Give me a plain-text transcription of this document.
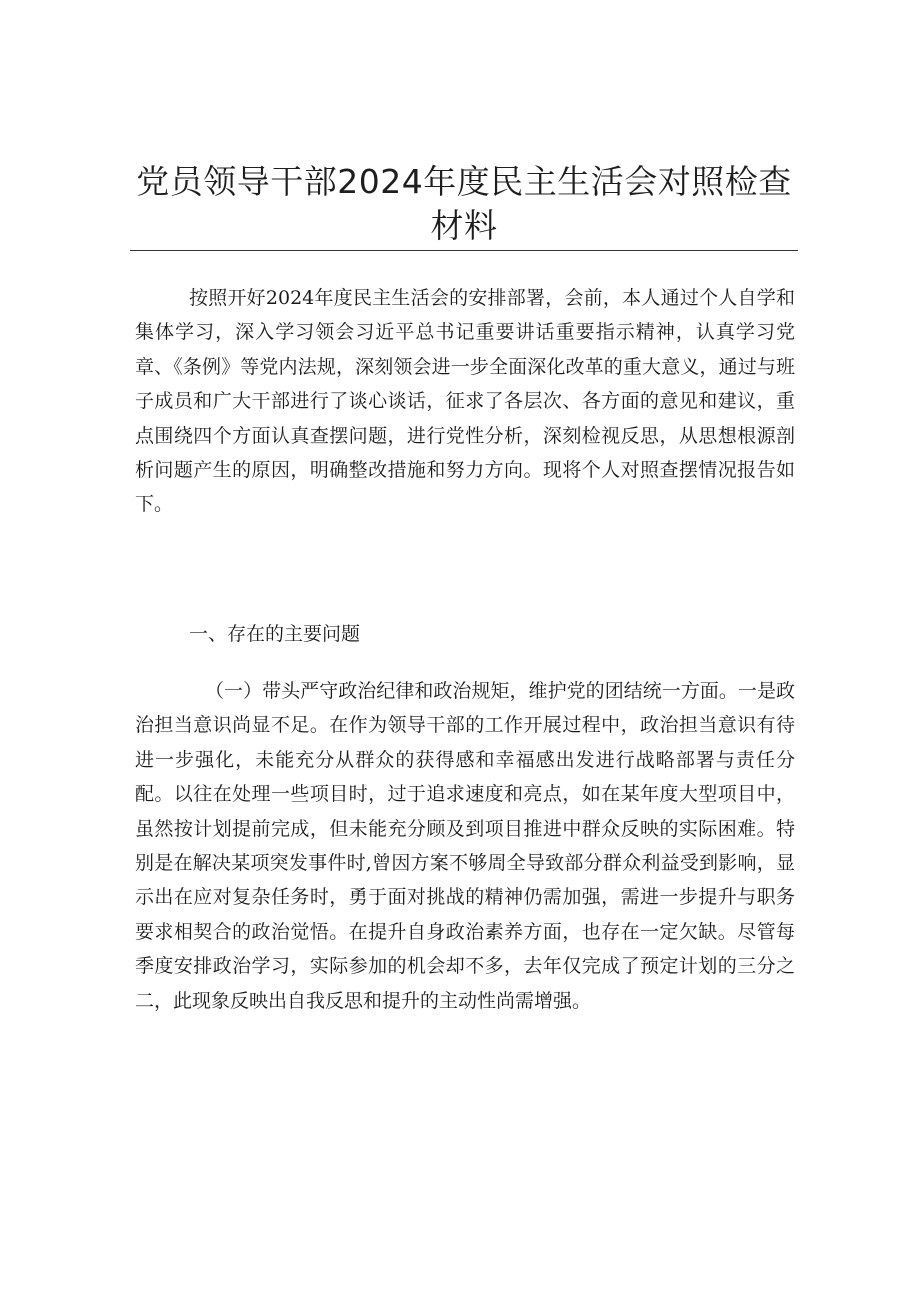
党员领导干部2024年度民主生活会对照检查
材料

按照开好2024年度民主生活会的安排部署，会前，本人通过个人自学和集体学习，深入学习领会习近平总书记重要讲话重要指示精神，认真学习党章、《条例》等党内法规，深刻领会进一步全面深化改革的重大意义，通过与班子成员和广大干部进行了谈心谈话，征求了各层次、各方面的意见和建议，重点围绕四个方面认真查摆问题，进行党性分析，深刻检视反思，从思想根源剖析问题产生的原因，明确整改措施和努力方向。现将个人对照查摆情况报告如下。

一、存在的主要问题

（一）带头严守政治纪律和政治规矩，维护党的团结统一方面。一是政治担当意识尚显不足。在作为领导干部的工作开展过程中，政治担当意识有待进一步强化，未能充分从群众的获得感和幸福感出发进行战略部署与责任分配。以往在处理一些项目时，过于追求速度和亮点，如在某年度大型项目中，虽然按计划提前完成，但未能充分顾及到项目推进中群众反映的实际困难。特别是在解决某项突发事件时,曾因方案不够周全导致部分群众利益受到影响，显示出在应对复杂任务时，勇于面对挑战的精神仍需加强，需进一步提升与职务要求相契合的政治觉悟。在提升自身政治素养方面，也存在一定欠缺。尽管每季度安排政治学习，实际参加的机会却不多，去年仅完成了预定计划的三分之二，此现象反映出自我反思和提升的主动性尚需增强。
